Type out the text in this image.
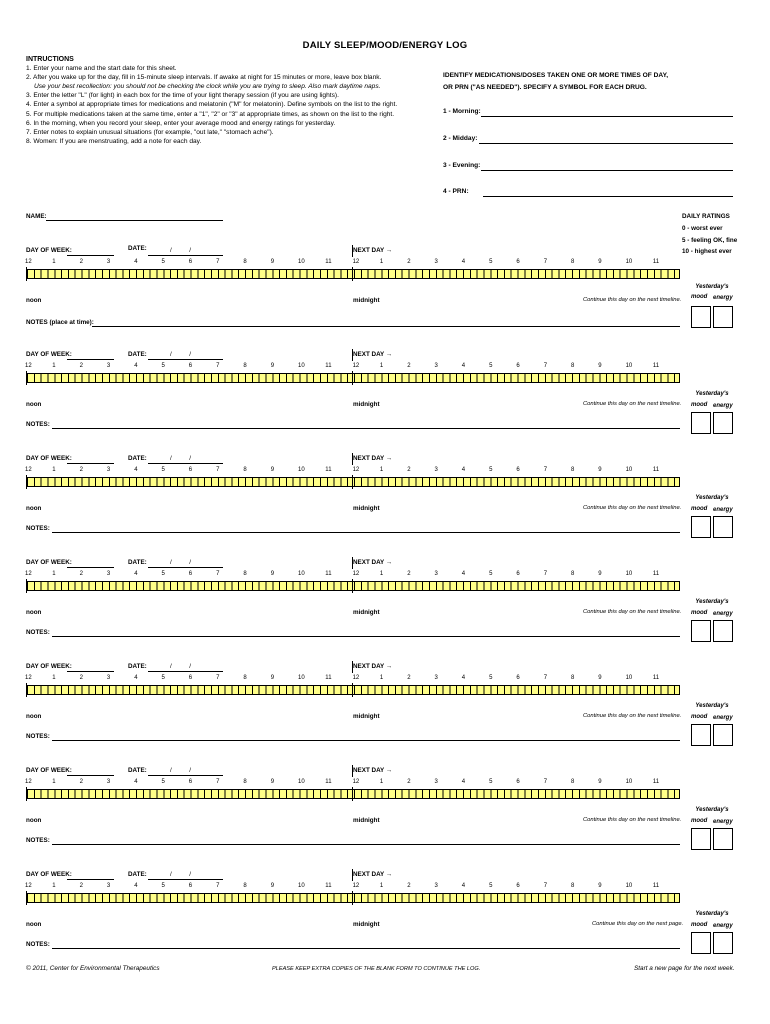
DAILY SLEEP/MOOD/ENERGY LOG
INTRUCTIONS
1. Enter your name and the start date for this sheet.
2. After you wake up for the day, fill in 15-minute sleep intervals. If awake at night for 15 minutes or more, leave box blank.
Use your best recollection: you should not be checking the clock while you are trying to sleep. Also mark daytime naps.
3. Enter the letter "L" (for light) in each box for the time of your light therapy session (if you are using lights).
4. Enter a symbol at appropriate times for medications and melatonin ("M" for melatonin). Define symbols on the list to the right.
5. For multiple medications taken at the same time, enter a "1", "2" or "3" at appropriate times, as shown on the list to the right.
6. In the morning, when you record your sleep, enter your average mood and energy ratings for yesterday.
7. Enter notes to explain unusual situations (for example, "out late," "stomach ache").
8. Women: If you are menstruating, add a note for each day.
IDENTIFY MEDICATIONS/DOSES TAKEN ONE OR MORE TIMES OF DAY,
OR PRN ("AS NEEDED"). SPECIFY A SYMBOL FOR EACH DRUG.
1 - Morning:
2 - Midday:
3 - Evening:
4 - PRN:
NAME:	DAILY RATINGS
0 - worst ever
5 - feeling OK, fine
10 - highest ever
DAY OF WEEK:	DATE:	/          /	NEXT DAY →
12	1	2	3	4	5	6	7	8	9	10	11	12	1	2	3	4	5	6	7	8	9	10	11
noon	midnight	Continue this day on the next timeline.
Yesterday's
mood energy
NOTES (place at time):
DAY OF WEEK:	DATE:	/          /	NEXT DAY →
12	1	2	3	4	5	6	7	8	9	10	11	12	1	2	3	4	5	6	7	8	9	10	11
noon	midnight	Continue this day on the next timeline.
Yesterday's
mood energy
NOTES:
DAY OF WEEK:	DATE:	/          /	NEXT DAY →
12	1	2	3	4	5	6	7	8	9	10	11	12	1	2	3	4	5	6	7	8	9	10	11
noon	midnight	Continue this day on the next timeline.
Yesterday's
mood energy
NOTES:
DAY OF WEEK:	DATE:	/          /	NEXT DAY →
12	1	2	3	4	5	6	7	8	9	10	11	12	1	2	3	4	5	6	7	8	9	10	11
noon	midnight	Continue this day on the next timeline.
Yesterday's
mood energy
NOTES:
DAY OF WEEK:	DATE:	/          /	NEXT DAY →
12	1	2	3	4	5	6	7	8	9	10	11	12	1	2	3	4	5	6	7	8	9	10	11
noon	midnight	Continue this day on the next timeline.
Yesterday's
mood energy
NOTES:
DAY OF WEEK:	DATE:	/          /	NEXT DAY →
12	1	2	3	4	5	6	7	8	9	10	11	12	1	2	3	4	5	6	7	8	9	10	11
noon	midnight	Continue this day on the next timeline.
Yesterday's
mood energy
NOTES:
DAY OF WEEK:	DATE:	/          /	NEXT DAY →
12	1	2	3	4	5	6	7	8	9	10	11	12	1	2	3	4	5	6	7	8	9	10	11
noon	midnight	Continue this day on the next page.
Yesterday's
mood energy
NOTES:
© 2011, Center for Environmental Therapeutics	PLEASE KEEP EXTRA COPIES OF THE BLANK FORM TO CONTINUE THE LOG.	Start a new page for the next week.
